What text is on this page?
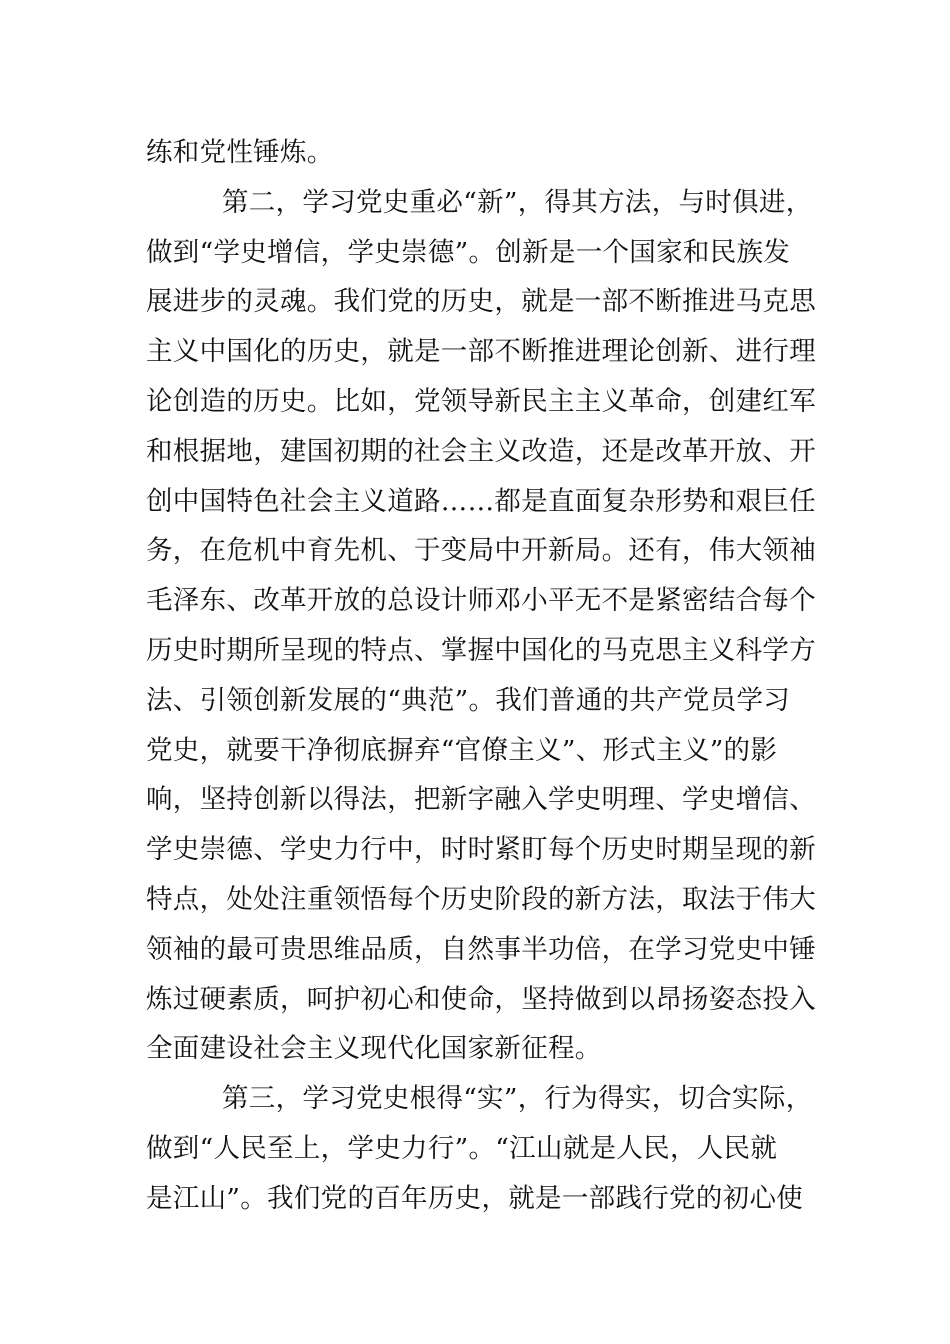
练和党性锤炼。
第二，学习党史重必“新”，得其方法，与时俱进，
做到“学史增信，学史崇德”。创新是一个国家和民族发
展进步的灵魂。我们党的历史，就是一部不断推进马克思
主义中国化的历史，就是一部不断推进理论创新、进行理
论创造的历史。比如，党领导新民主主义革命，创建红军
和根据地，建国初期的社会主义改造，还是改革开放、开
创中国特色社会主义道路……都是直面复杂形势和艰巨任
务，在危机中育先机、于变局中开新局。还有，伟大领袖
毛泽东、改革开放的总设计师邓小平无不是紧密结合每个
历史时期所呈现的特点、掌握中国化的马克思主义科学方
法、引领创新发展的“典范”。我们普通的共产党员学习
党史，就要干净彻底摒弃“官僚主义”、形式主义”的影
响，坚持创新以得法，把新字融入学史明理、学史增信、
学史崇德、学史力行中，时时紧盯每个历史时期呈现的新
特点，处处注重领悟每个历史阶段的新方法，取法于伟大
领袖的最可贵思维品质，自然事半功倍，在学习党史中锤
炼过硬素质，呵护初心和使命，坚持做到以昂扬姿态投入
全面建设社会主义现代化国家新征程。
第三，学习党史根得“实”，行为得实，切合实际，
做到“人民至上，学史力行”。“江山就是人民，人民就
是江山”。我们党的百年历史，就是一部践行党的初心使
